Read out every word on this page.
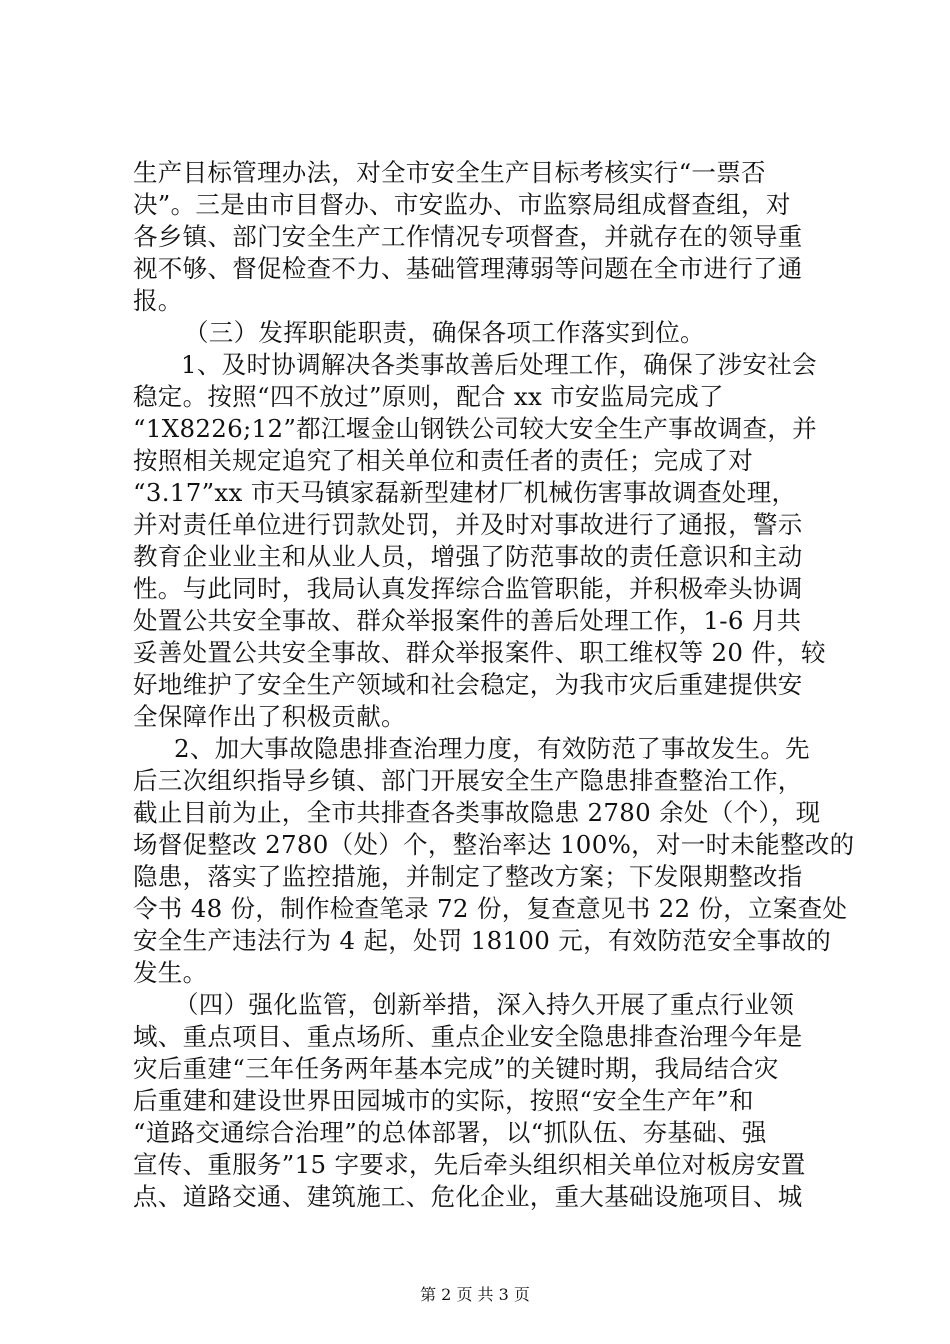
生产目标管理办法，对全市安全生产目标考核实行“一票否
决”。三是由市目督办、市安监办、市监察局组成督查组，对
各乡镇、部门安全生产工作情况专项督查，并就存在的领导重
视不够、督促检查不力、基础管理薄弱等问题在全市进行了通
报。
（三）发挥职能职责，确保各项工作落实到位。
1、及时协调解决各类事故善后处理工作，确保了涉安社会
稳定。按照“四不放过”原则，配合 xx 市安监局完成了
“1X8226;12”都江堰金山钢铁公司较大安全生产事故调查，并
按照相关规定追究了相关单位和责任者的责任；完成了对
“3.17”xx 市天马镇家磊新型建材厂机械伤害事故调查处理，
并对责任单位进行罚款处罚，并及时对事故进行了通报，警示
教育企业业主和从业人员，增强了防范事故的责任意识和主动
性。与此同时，我局认真发挥综合监管职能，并积极牵头协调
处置公共安全事故、群众举报案件的善后处理工作，1-6 月共
妥善处置公共安全事故、群众举报案件、职工维权等 20 件，较
好地维护了安全生产领域和社会稳定，为我市灾后重建提供安
全保障作出了积极贡献。
2、加大事故隐患排查治理力度，有效防范了事故发生。先
后三次组织指导乡镇、部门开展安全生产隐患排查整治工作，
截止目前为止，全市共排查各类事故隐患 2780 余处（个），现
场督促整改 2780（处）个，整治率达 100%，对一时未能整改的
隐患，落实了监控措施，并制定了整改方案；下发限期整改指
令书 48 份，制作检查笔录 72 份，复查意见书 22 份，立案查处
安全生产违法行为 4 起，处罚 18100 元，有效防范安全事故的
发生。
（四）强化监管，创新举措，深入持久开展了重点行业领
域、重点项目、重点场所、重点企业安全隐患排查治理今年是
灾后重建“三年任务两年基本完成”的关键时期，我局结合灾
后重建和建设世界田园城市的实际，按照“安全生产年”和
“道路交通综合治理”的总体部署，以“抓队伍、夯基础、强
宣传、重服务”15 字要求，先后牵头组织相关单位对板房安置
点、道路交通、建筑施工、危化企业，重大基础设施项目、城
第 2 页 共 3 页
